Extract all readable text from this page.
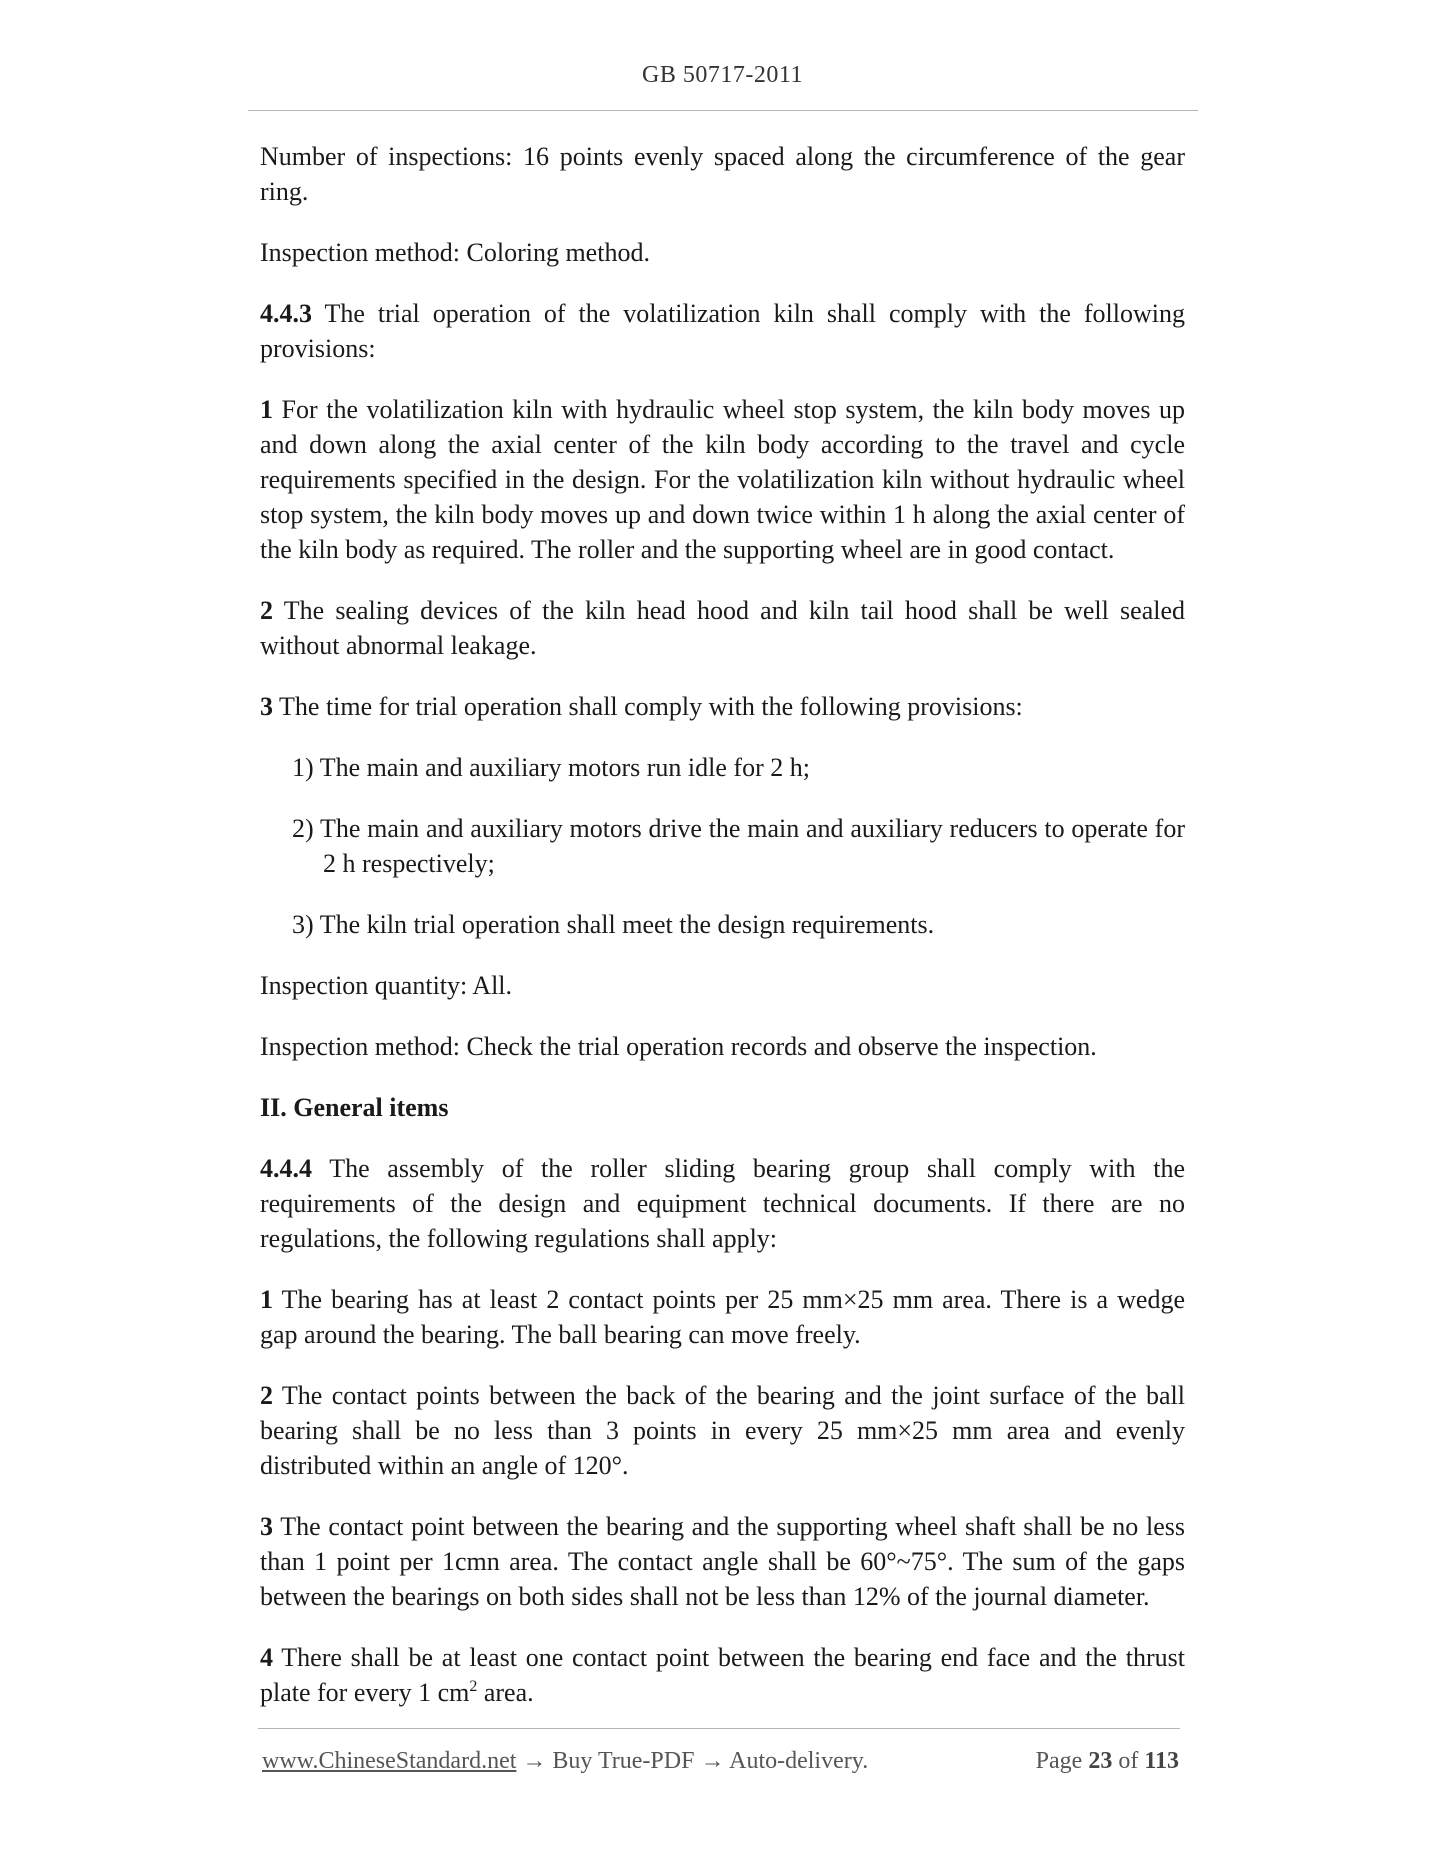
GB 50717-2011

Number of inspections: 16 points evenly spaced along the circumference of the gear ring.

Inspection method: Coloring method.

4.4.3 The trial operation of the volatilization kiln shall comply with the following provisions:

1 For the volatilization kiln with hydraulic wheel stop system, the kiln body moves up and down along the axial center of the kiln body according to the travel and cycle requirements specified in the design. For the volatilization kiln without hydraulic wheel stop system, the kiln body moves up and down twice within 1 h along the axial center of the kiln body as required. The roller and the supporting wheel are in good contact.

2 The sealing devices of the kiln head hood and kiln tail hood shall be well sealed without abnormal leakage.

3 The time for trial operation shall comply with the following provisions:

1) The main and auxiliary motors run idle for 2 h;

2) The main and auxiliary motors drive the main and auxiliary reducers to operate for 2 h respectively;

3) The kiln trial operation shall meet the design requirements.

Inspection quantity: All.

Inspection method: Check the trial operation records and observe the inspection.

II. General items

4.4.4 The assembly of the roller sliding bearing group shall comply with the requirements of the design and equipment technical documents. If there are no regulations, the following regulations shall apply:

1 The bearing has at least 2 contact points per 25 mm×25 mm area. There is a wedge gap around the bearing. The ball bearing can move freely.

2 The contact points between the back of the bearing and the joint surface of the ball bearing shall be no less than 3 points in every 25 mm×25 mm area and evenly distributed within an angle of 120°.

3 The contact point between the bearing and the supporting wheel shaft shall be no less than 1 point per 1cmn area. The contact angle shall be 60°~75°. The sum of the gaps between the bearings on both sides shall not be less than 12% of the journal diameter.

4 There shall be at least one contact point between the bearing end face and the thrust plate for every 1 $cm^2$ area.

www.ChineseStandard.net → Buy True-PDF → Auto-delivery.	Page 23 of 113
